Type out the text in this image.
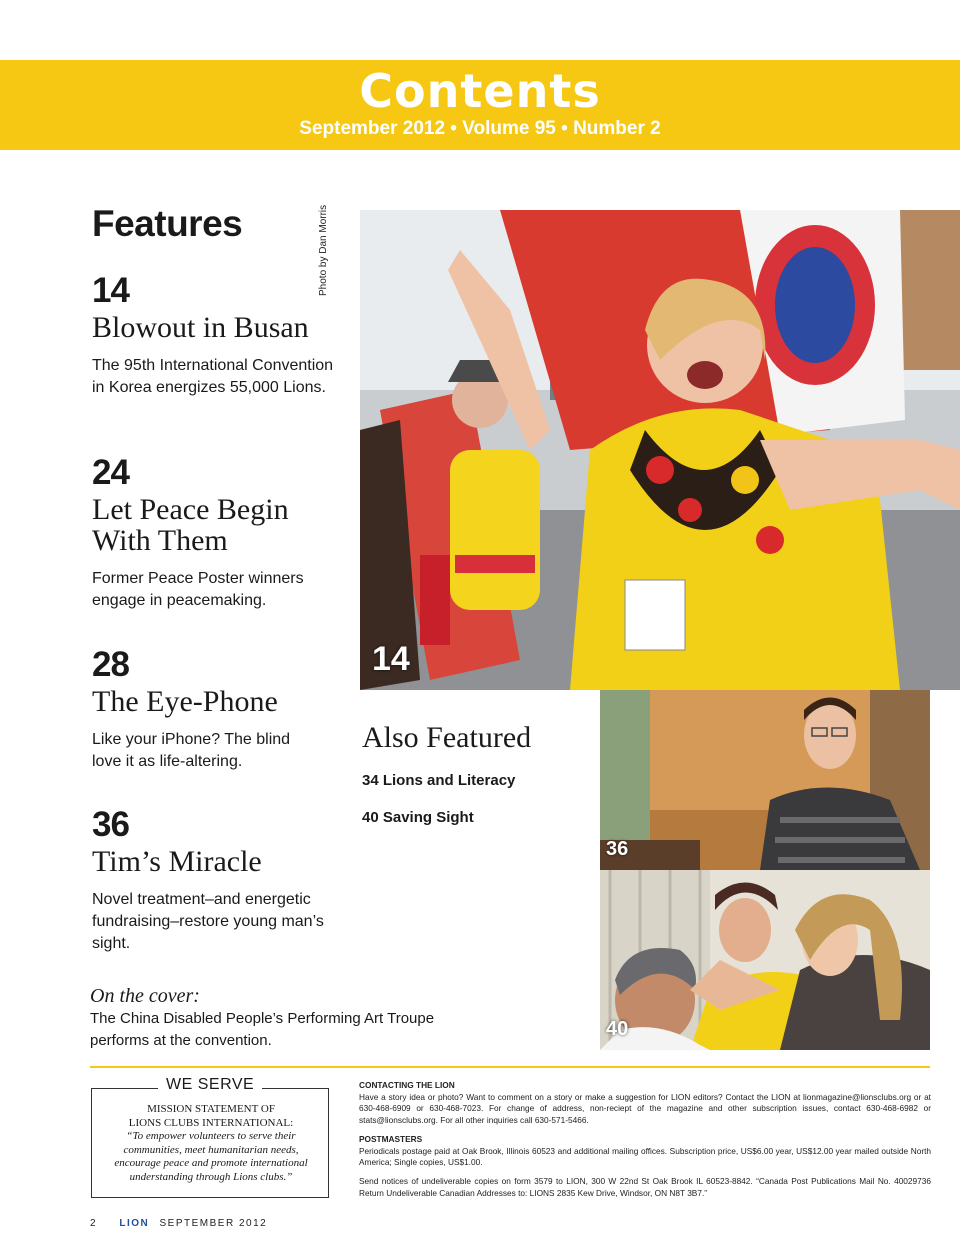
Contents
September 2012 • Volume 95 • Number 2
Features	Photo by Dan Morris
14
Blowout in Busan
The 95th International Convention in Korea energizes 55,000 Lions.
24
Let Peace Begin With Them
Former Peace Poster winners engage in peacemaking.
28
The Eye-Phone
Like your iPhone? The blind love it as life-altering.
36
Tim’s Miracle
Novel treatment–and energetic fundraising–restore young man’s sight.
14
Also Featured
34 Lions and Literacy
40 Saving Sight
36
40
On the cover:
The China Disabled People’s Performing Art Troupe performs at the convention.
WE SERVE
MISSION STATEMENT OF
LIONS CLUBS INTERNATIONAL:
“To empower volunteers to serve their communities, meet humanitarian needs, encourage peace and promote international understanding through Lions clubs.”
CONTACTING THE LION
Have a story idea or photo? Want to comment on a story or make a suggestion for LION editors? Contact the LION at lionmagazine@lionsclubs.org or at 630-468-6909 or 630-468-7023. For change of address, non-reciept of the magazine and other subscription issues, contact 630-468-6982 or stats@lionsclubs.org. For all other inquiries call 630-571-5466.
POSTMASTERS
Periodicals postage paid at Oak Brook, Illinois 60523 and additional mailing offices. Subscription price, US$6.00 year, US$12.00 year mailed outside North America; Single copies, US$1.00.
Send notices of undeliverable copies on form 3579 to LION, 300 W 22nd St Oak Brook IL 60523-8842. “Canada Post Publications Mail No. 40029736 Return Undeliverable Canadian Addresses to: LIONS 2835 Kew Drive, Windsor, ON N8T 3B7.”
2 LION SEPTEMBER 2012
